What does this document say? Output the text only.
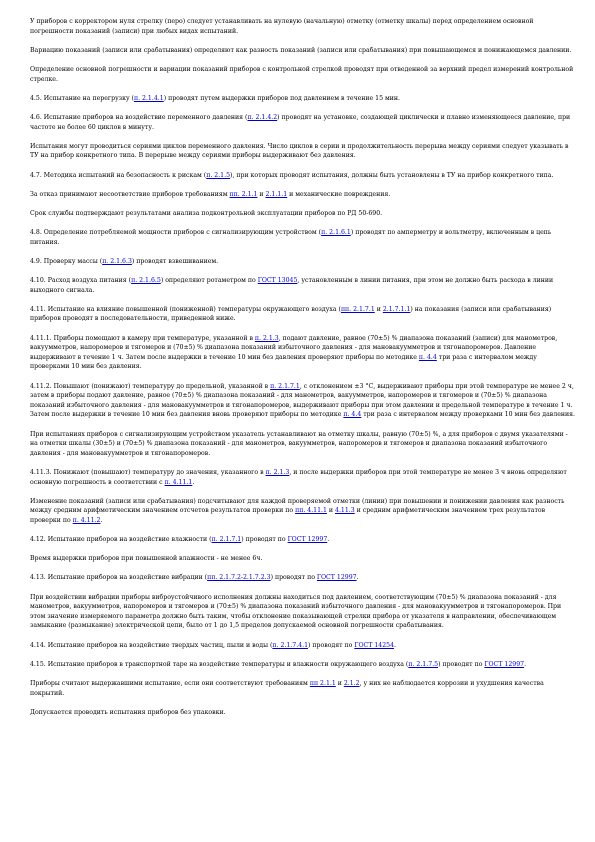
У приборов с корректором нуля стрелку (перо) следует устанавливать на нулевую (начальную) отметку (отметку шкалы) перед определением основной погрешности показаний (записи) при любых видах испытаний.

Вариацию показаний (записи или срабатывания) определяют как разность показаний (записи или срабатывания) при повышающемся и понижающемся давлении.

Определение основной погрешности и вариации показаний приборов с контрольной стрелкой проводят при отведенной за верхний предел измерений контрольной стрелке.

4.5. Испытание на перегрузку (п. 2.1.4.1) проводят путем выдержки приборов под давлением в течение 15 мин.

4.6. Испытание приборов на воздействие переменного давления (п. 2.1.4.2) проводят на установке, создающей циклически и плавно изменяющееся давление, при частоте не более 60 циклов в минуту.

Испытания могут проводиться сериями циклов переменного давления. Число циклов в серии и продолжительность перерыва между сериями следует указывать в ТУ на прибор конкретного типа. В перерыве между сериями приборы выдерживают без давления.

4.7. Методика испытаний на безопасность к рискам (п. 2.1.5), при которых проводят испытания, должны быть установлены в ТУ на прибор конкретного типа.

За отказ принимают несоответствие приборов требованиям пп. 2.1.1 и 2.1.1.1 и механические повреждения.

Срок службы подтверждают результатами анализа подконтрольной эксплуатации приборов по РД 50-690.

4.8. Определение потребляемой мощности приборов с сигнализирующим устройством (п. 2.1.6.1) проводят по амперметру и вольтметру, включенным в цепь питания.

4.9. Проверку массы (п. 2.1.6.3) проводят взвешиванием.

4.10. Расход воздуха питания (п. 2.1.6.5) определяют ротаметром по ГОСТ 13045, установленным в линии питания, при этом не должно быть расхода в линии выходного сигнала.

4.11. Испытание на влияние повышенной (пониженной) температуры окружающего воздуха (пп. 2.1.7.1 и 2.1.7.1.1) на показания (записи или срабатывания) приборов проводят в последовательности, приведенной ниже.

4.11.1. Приборы помещают в камеру при температуре, указанной в п. 2.1.3, подают давление, равное (70±5) % диапазона показаний (записи) для манометров, вакуумметров, напоромеров и тягомеров и (70±5) % диапазона показаний избыточного давления - для мановакуумметров и тягонапоромеров. Давление выдерживают в течение 1 ч. Затем после выдержки в течение 10 мин без давления проверяют приборы по методике п. 4.4 три раза с интервалом между проверками 10 мин без давления.

4.11.2. Повышают (понижают) температуру до предельной, указанной в п. 2.1.7.1, с отклонением ±3 °С, выдерживают приборы при этой температуре не менее 2 ч, затем в приборы подают давление, равное (70±5) % диапазона показаний - для манометров, вакуумметров, напоромеров и тягомеров и (70±5) % диапазона показаний избыточного давления - для мановакуумметров и тягонапоромеров, выдерживают приборы при этом давлении и предельной температуре в течение 1 ч. Затем после выдержки в течение 10 мин без давления вновь проверяют приборы по методике п. 4.4 три раза с интервалом между проверками 10 мин без давления.

При испытаниях приборов с сигнализирующим устройством указатель устанавливают на отметку шкалы, равную (70±5) %, а для приборов с двумя указателями - на отметки шкалы (30±5) и (70±5) % диапазона показаний - для манометров, вакуумметров, напоромеров и тягомеров и диапазона показаний избыточного давления - для мановакуумметров и тягонапоромеров.

4.11.3. Понижают (повышают) температуру до значения, указанного в п. 2.1.3, и после выдержки приборов при этой температуре не менее 3 ч вновь определяют основную погрешность в соответствии с п. 4.11.1.

Изменение показаний (записи или срабатывания) подсчитывают для каждой проверяемой отметки (линии) при повышении и понижении давления как разность между средним арифметическим значением отсчетов результатов проверки по пп. 4.11.1 и 4.11.3 и средним арифметическим значением трех результатов проверки по п. 4.11.2.

4.12. Испытание приборов на воздействие влажности (п. 2.1.7.1) проводят по ГОСТ 12997.

Время выдержки приборов при повышенной влажности - не менее 6ч.

4.13. Испытание приборов на воздействие вибрации (пп. 2.1.7.2-2.1.7.2.3) проводят по ГОСТ 12997.

При воздействии вибрации приборы виброустойчивого исполнения должны находиться под давлением, соответствующим (70±5) % диапазона показаний - для манометров, вакуумметров, напоромеров и тягомеров и (70±5) % диапазона показаний избыточного давления - для мановакуумметров и тягонапоромеров. При этом значение измеряемого параметра должно быть таким, чтобы отклонение показывающей стрелки прибора от указателя в направлении, обеспечивающем замыкание (размыкание) электрической цепи, было от 1 до 1,5 пределов допускаемой основной погрешности срабатывания.

4.14. Испытание приборов на воздействие твердых частиц, пыли и воды (п. 2.1.7.4.1) проводят по ГОСТ 14254.

4.15. Испытание приборов в транспортной таре на воздействие температуры и влажности окружающего воздуха (п. 2.1.7.5) проводят по ГОСТ 12997.

Приборы считают выдержавшими испытание, если они соответствуют требованиям пп 2.1.1 и 2.1.2, у них не наблюдается коррозии и ухудшения качества покрытий.

Допускается проводить испытания приборов без упаковки.
